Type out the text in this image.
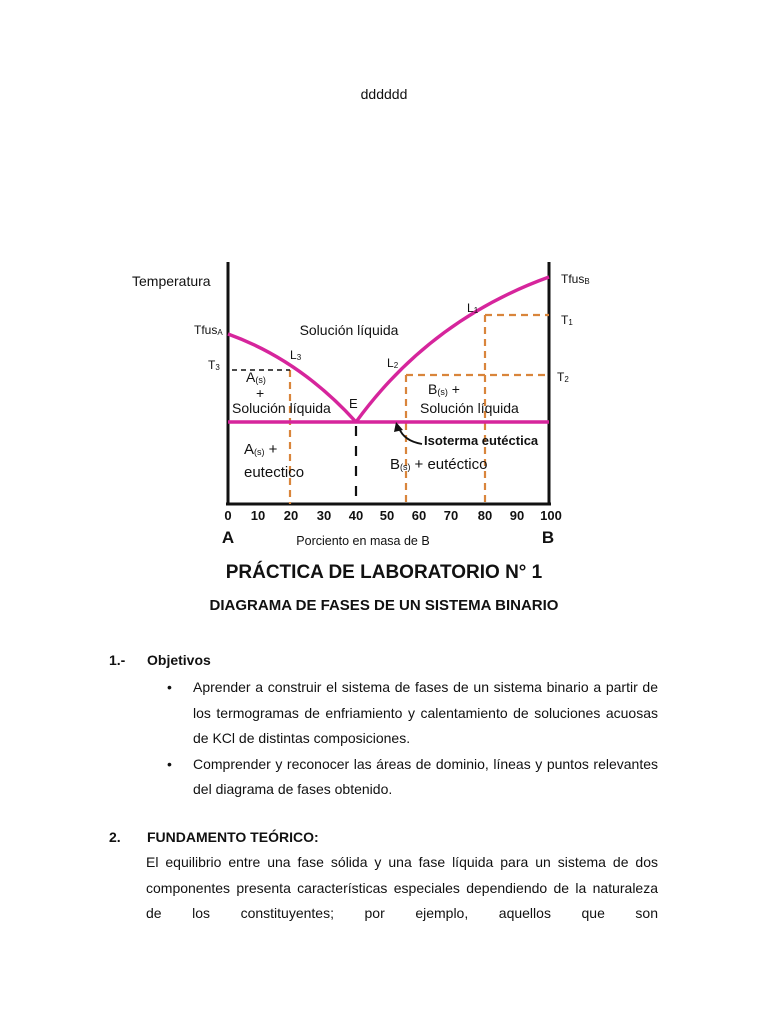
dddddd
Temperatura
0 10 20 30 40 50 60 70 80 90 100
A	B
Porciento en masa de B
TfusA
TfusB
T1
T2
T3
L1
L2
L3
E
Solución líquida
A(s)
+
Solución líquida
B(s) +
Solución líquida
A(s) +
eutectico	B(s) + eutéctico
Isoterma eutéctica
PRÁCTICA DE LABORATORIO N° 1
DIAGRAMA DE FASES DE UN SISTEMA BINARIO
1.- Objetivos
• Aprender a construir el sistema de fases de un sistema binario a partir de los termogramas de enfriamiento y calentamiento de soluciones acuosas de KCl de distintas composiciones.
• Comprender y reconocer las áreas de dominio, líneas y puntos relevantes del diagrama de fases obtenido.
2. FUNDAMENTO TEÓRICO:

El equilibrio entre una fase sólida y una fase líquida para un sistema de dos componentes presenta características especiales dependiendo de la naturaleza de los constituyentes; por ejemplo, aquellos que son
